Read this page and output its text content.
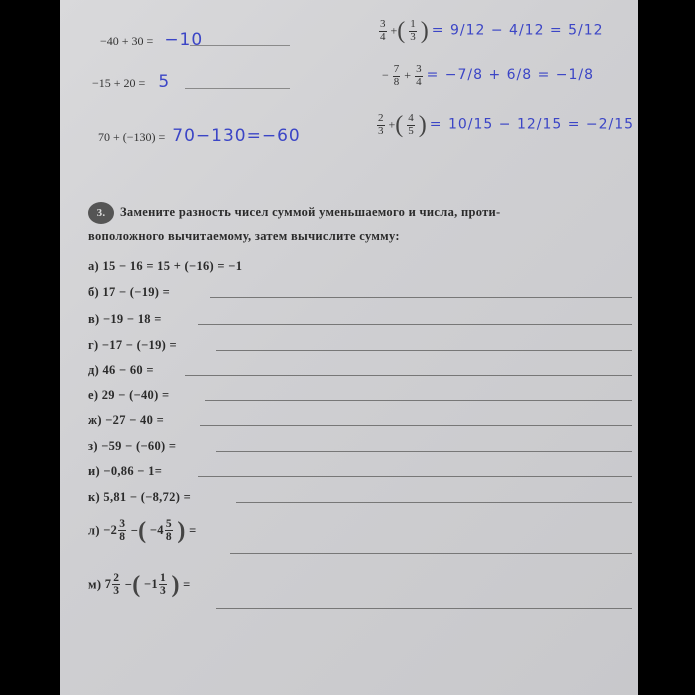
−40 + 30 = −10
−15 + 20 = 5
70 + (−130) = 70−130=−60
$\frac{3}{4}$ +( $\frac{1}{3}$ ) = 9/12 − 4/12 = 5/12
− $\frac{7}{8} + \frac{3}{4} = -7/8 + 6/8 = -1/8$
$\frac{2}{3}$ +( $\frac{4}{5}$ ) = 10/15 − 12/15 = −2/15
3. Замените разность чисел суммой уменьшаемого и числа, проти-
воположного вычитаемому, затем вычислите сумму:
а) 15 − 16 = 15 + (−16) = −1
б) 17 − (−19) =
в) −19 − 18 =
г) −17 − (−19) =
д) 46 − 60 =
е) 29 − (−40) =
ж) −27 − 40 =
з) −59 − (−60) =
и) −0,86 − 1=
к) 5,81 − (−8,72) =
$л) -2 \frac{3}{8}$ −( $-4 \frac{5}{8}$ ) =
м) $7 \frac{2}{3}$ −( $-1 \frac{1}{3}$ ) =
